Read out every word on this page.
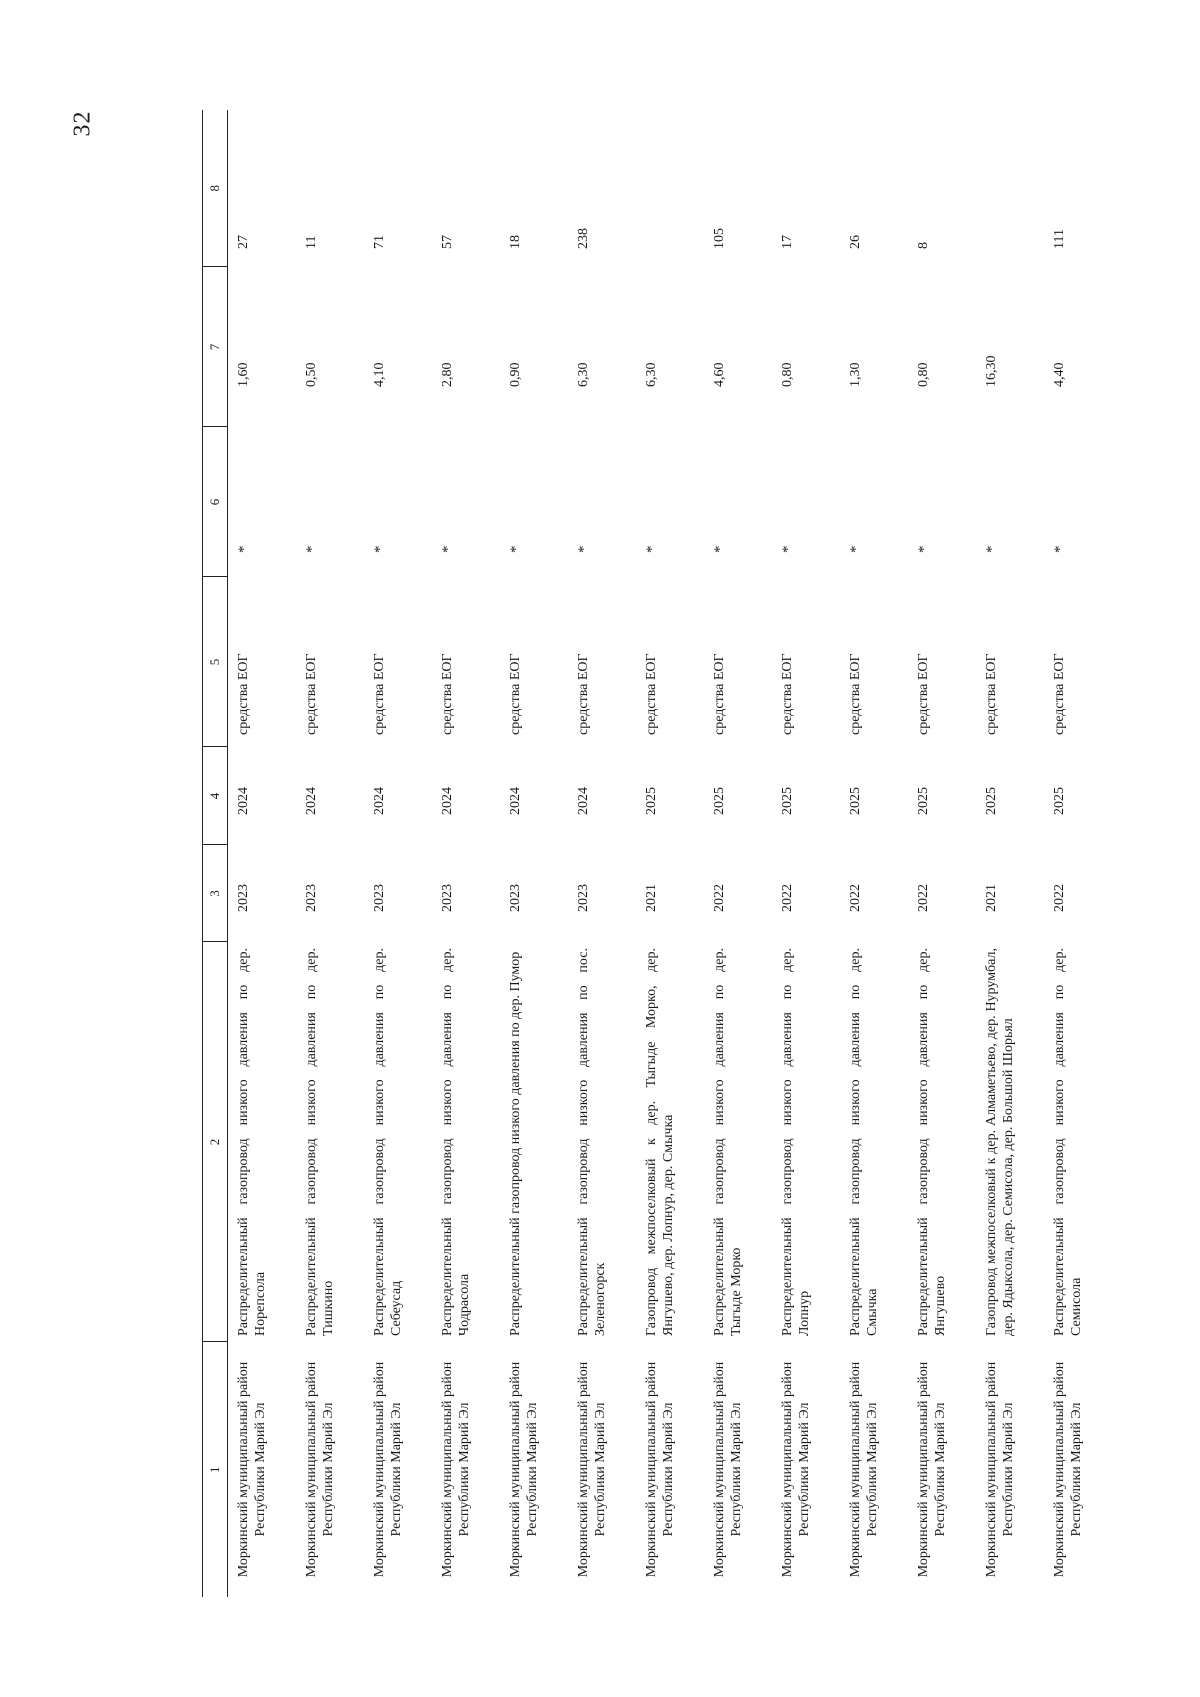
32
1	2	3	4	5	6	7	8
Моркинский муниципальный район Республики Марий Эл	Распределительный газопровод низкого давления по дер. Норепсола	2023	2024	средства ЕОГ	*	1,60	27
Моркинский муниципальный район Республики Марий Эл	Распределительный газопровод низкого давления по дер. Тишкино	2023	2024	средства ЕОГ	*	0,50	11
Моркинский муниципальный район Республики Марий Эл	Распределительный газопровод низкого давления по дер. Себеусад	2023	2024	средства ЕОГ	*	4,10	71
Моркинский муниципальный район Республики Марий Эл	Распределительный газопровод низкого давления по дер. Чодрасола	2023	2024	средства ЕОГ	*	2,80	57
Моркинский муниципальный район Республики Марий Эл	Распределительный газопровод низкого давления по дер. Пумор	2023	2024	средства ЕОГ	*	0,90	18
Моркинский муниципальный район Республики Марий Эл	Распределительный газопровод низкого давления по пос. Зеленогорск	2023	2024	средства ЕОГ	*	6,30	238
Моркинский муниципальный район Республики Марий Эл	Газопровод межпоселковый к дер. Тыгыде Морко, дер. Янгушево, дер. Лопнур, дер. Смычка	2021	2025	средства ЕОГ	*	6,30	
Моркинский муниципальный район Республики Марий Эл	Распределительный газопровод низкого давления по дер. Тыгыде Морко	2022	2025	средства ЕОГ	*	4,60	105
Моркинский муниципальный район Республики Марий Эл	Распределительный газопровод низкого давления по дер. Лопнур	2022	2025	средства ЕОГ	*	0,80	17
Моркинский муниципальный район Республики Марий Эл	Распределительный газопровод низкого давления по дер. Смычка	2022	2025	средства ЕОГ	*	1,30	26
Моркинский муниципальный район Республики Марий Эл	Распределительный газопровод низкого давления по дер. Янгушево	2022	2025	средства ЕОГ	*	0,80	8
Моркинский муниципальный район Республики Марий Эл	Газопровод межпоселковый к дер. Алмаметьево, дер. Нурумбал, дер. Ядыксола, дер. Семисола, дер. Большой Шорьял	2021	2025	средства ЕОГ	*	16,30	
Моркинский муниципальный район Республики Марий Эл	Распределительный газопровод низкого давления по дер. Семисола	2022	2025	средства ЕОГ	*	4,40	111
